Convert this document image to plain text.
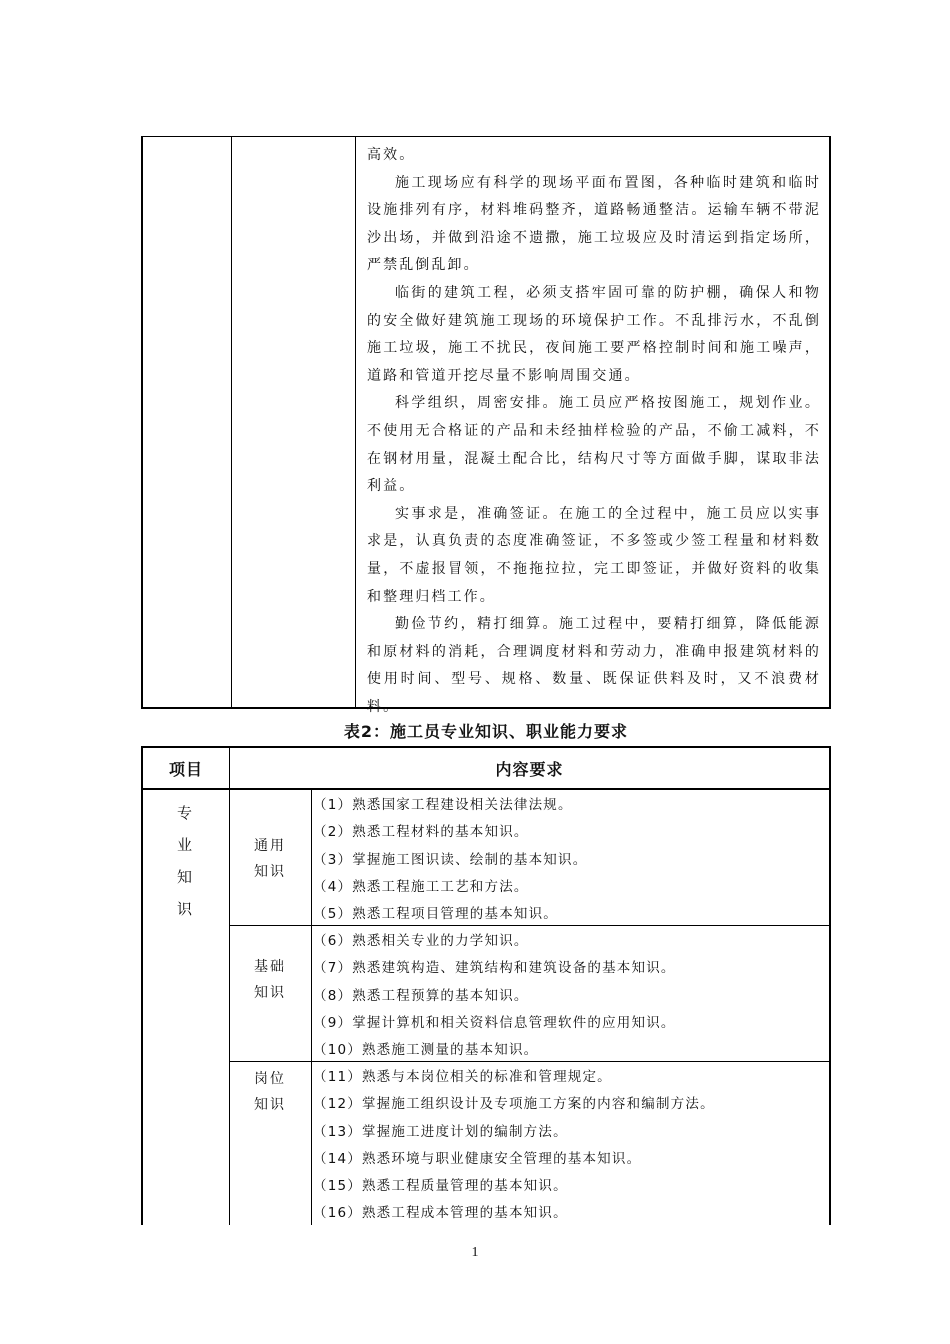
高效。

施工现场应有科学的现场平面布置图，各种临时建筑和临时设施排列有序，材料堆码整齐，道路畅通整洁。运输车辆不带泥沙出场，并做到沿途不遗撒，施工垃圾应及时清运到指定场所，严禁乱倒乱卸。

临街的建筑工程，必须支搭牢固可靠的防护棚，确保人和物的安全做好建筑施工现场的环境保护工作。不乱排污水，不乱倒施工垃圾，施工不扰民，夜间施工要严格控制时间和施工噪声，道路和管道开挖尽量不影响周围交通。

科学组织，周密安排。施工员应严格按图施工，规划作业。不使用无合格证的产品和未经抽样检验的产品，不偷工减料，不在钢材用量，混凝土配合比，结构尺寸等方面做手脚，谋取非法利益。

实事求是，准确签证。在施工的全过程中，施工员应以实事求是，认真负责的态度准确签证，不多签或少签工程量和材料数量，不虚报冒领，不拖拖拉拉，完工即签证，并做好资料的收集和整理归档工作。

勤俭节约，精打细算。施工过程中，要精打细算，降低能源和原材料的消耗，合理调度材料和劳动力，准确申报建筑材料的使用时间、型号、规格、数量、既保证供料及时，又不浪费材料。

表2：施工员专业知识、职业能力要求
项目	内容要求
专业知识
通用知识
基础知识
岗位知识
（1）熟悉国家工程建设相关法律法规。
（2）熟悉工程材料的基本知识。
（3）掌握施工图识读、绘制的基本知识。
（4）熟悉工程施工工艺和方法。
（5）熟悉工程项目管理的基本知识。
（6）熟悉相关专业的力学知识。
（7）熟悉建筑构造、建筑结构和建筑设备的基本知识。
（8）熟悉工程预算的基本知识。
（9）掌握计算机和相关资料信息管理软件的应用知识。
（10）熟悉施工测量的基本知识。
（11）熟悉与本岗位相关的标准和管理规定。
（12）掌握施工组织设计及专项施工方案的内容和编制方法。
（13）掌握施工进度计划的编制方法。
（14）熟悉环境与职业健康安全管理的基本知识。
（15）熟悉工程质量管理的基本知识。
（16）熟悉工程成本管理的基本知识。
1
